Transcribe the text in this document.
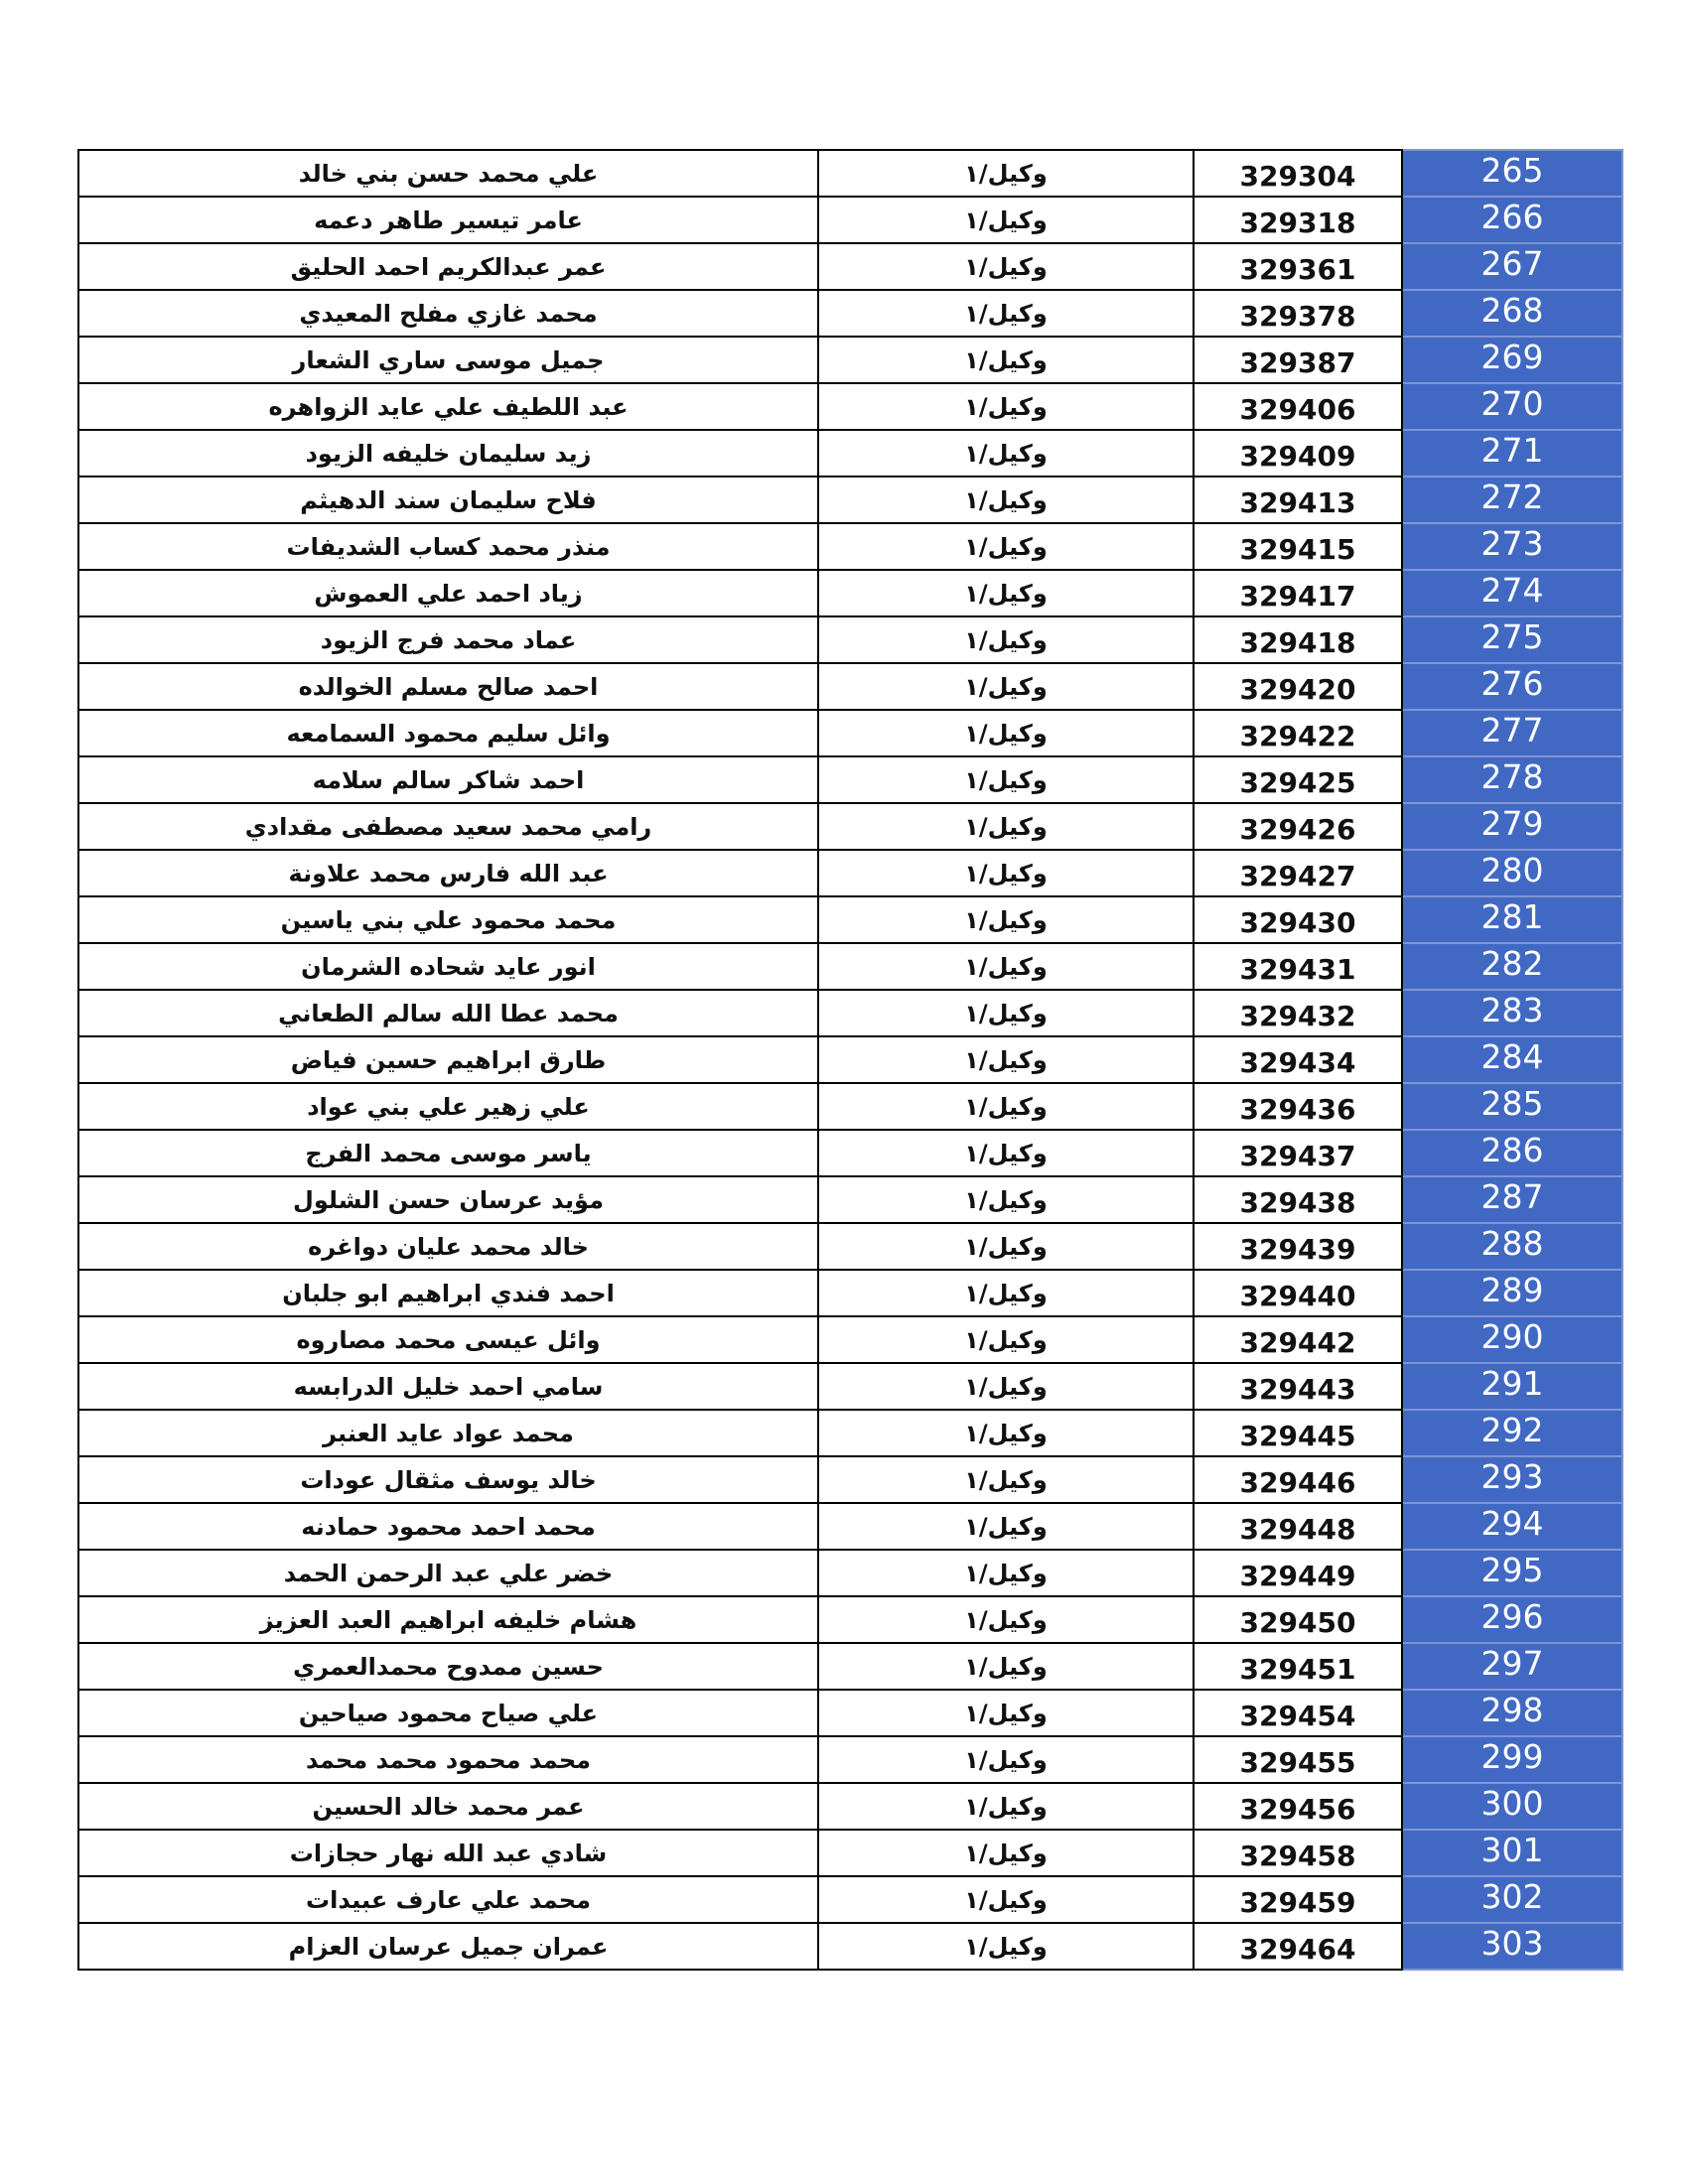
علي محمد حسن بني خالد	وكيل/١	329304	265
عامر تيسير طاهر دعمه	وكيل/١	329318	266
عمر عبدالكريم احمد الحليق	وكيل/١	329361	267
محمد غازي مفلح المعيدي	وكيل/١	329378	268
جميل موسى ساري الشعار	وكيل/١	329387	269
عبد اللطيف علي عايد الزواهره	وكيل/١	329406	270
زيد سليمان خليفه الزيود	وكيل/١	329409	271
فلاح سليمان سند الدهيثم	وكيل/١	329413	272
منذر محمد كساب الشديفات	وكيل/١	329415	273
زياد احمد علي العموش	وكيل/١	329417	274
عماد محمد فرج الزيود	وكيل/١	329418	275
احمد صالح مسلم الخوالده	وكيل/١	329420	276
وائل سليم محمود السمامعه	وكيل/١	329422	277
احمد شاكر سالم سلامه	وكيل/١	329425	278
رامي محمد سعيد مصطفى مقدادي	وكيل/١	329426	279
عبد الله فارس محمد علاونة	وكيل/١	329427	280
محمد محمود علي بني ياسين	وكيل/١	329430	281
انور عايد شحاده الشرمان	وكيل/١	329431	282
محمد عطا الله سالم الطعاني	وكيل/١	329432	283
طارق ابراهيم حسين فياض	وكيل/١	329434	284
علي زهير علي بني عواد	وكيل/١	329436	285
ياسر موسى محمد الفرج	وكيل/١	329437	286
مؤيد عرسان حسن الشلول	وكيل/١	329438	287
خالد محمد عليان دواغره	وكيل/١	329439	288
احمد فندي ابراهيم ابو جلبان	وكيل/١	329440	289
وائل عيسى محمد مصاروه	وكيل/١	329442	290
سامي احمد خليل الدرابسه	وكيل/١	329443	291
محمد عواد عايد العنبر	وكيل/١	329445	292
خالد يوسف مثقال عودات	وكيل/١	329446	293
محمد احمد محمود حمادنه	وكيل/١	329448	294
خضر علي عبد الرحمن الحمد	وكيل/١	329449	295
هشام خليفه ابراهيم العبد العزيز	وكيل/١	329450	296
حسين ممدوح محمدالعمري	وكيل/١	329451	297
علي صياح محمود صياحين	وكيل/١	329454	298
محمد محمود محمد محمد	وكيل/١	329455	299
عمر محمد خالد الحسين	وكيل/١	329456	300
شادي عبد الله نهار حجازات	وكيل/١	329458	301
محمد علي عارف عبيدات	وكيل/١	329459	302
عمران جميل عرسان العزام	وكيل/١	329464	303
